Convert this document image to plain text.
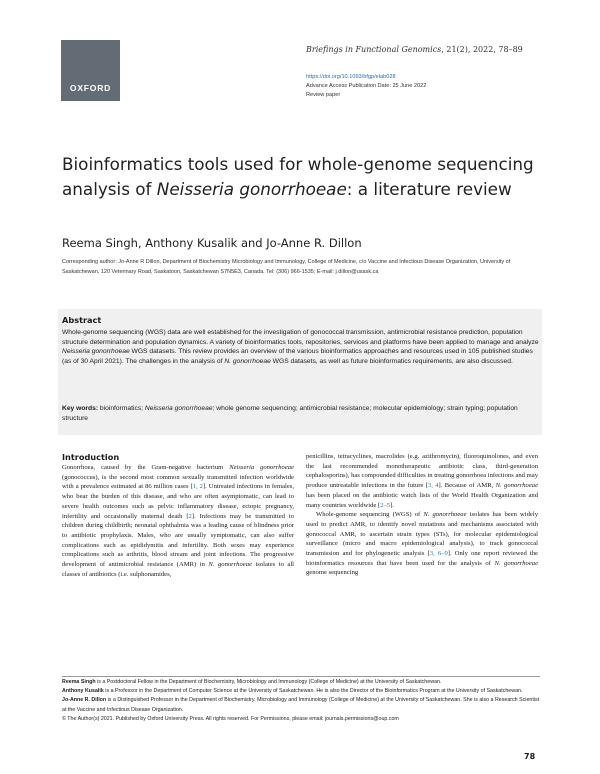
OXFORD
Briefings in Functional Genomics, 21(2), 2022, 78–89
https://doi.org/10.1093/bfgp/elab028
Advance Access Publication Date: 25 June 2022
Review paper
Bioinformatics tools used for whole-genome sequencing analysis of Neisseria gonorrhoeae: a literature review
Reema Singh, Anthony Kusalik and Jo-Anne R. Dillon
Corresponding author: Jo-Anne R Dillon, Department of Biochemistry Microbiology and Immunology, College of Medicine, c/o Vaccine and Infectious Disease Organization, University of Saskatchewan, 120 Veterinary Road, Saskatoon, Saskatchewan S7N5E3, Canada. Tel: (306) 966-1535; E-mail: j.dillon@usask.ca
Abstract
Whole-genome sequencing (WGS) data are well established for the investigation of gonococcal transmission, antimicrobial resistance prediction, population structure determination and population dynamics. A variety of bioinformatics tools, repositories, services and platforms have been applied to manage and analyze Neisseria gonorrhoeae WGS datasets. This review provides an overview of the various bioinformatics approaches and resources used in 105 published studies (as of 30 April 2021). The challenges in the analysis of N. gonorrhoeae WGS datasets, as well as future bioinformatics requirements, are also discussed.
Key words: bioinformatics; Neisseria gonorrhoeae; whole genome sequencing; antimicrobial resistance; molecular epidemiology; strain typing; population structure
Introduction

Gonorrhoea, caused by the Gram-negative bacterium Neisseria gonorrhoeae (gonococcus), is the second most common sexually transmitted infection worldwide with a prevalence estimated at 86 million cases [1, 2]. Untreated infections in females, who bear the burden of this disease, and who are often asymptomatic, can lead to severe health outcomes such as pelvic inflammatory disease, ectopic pregnancy, infertility and occasionally maternal death [2]. Infections may be transmitted to children during childbirth; neonatal ophthalmia was a leading cause of blindness prior to antibiotic prophylaxis. Males, who are usually symptomatic, can also suffer complications such as epididymitis and infertility. Both sexes may experience complications such as arthritis, blood stream and joint infections. The progressive development of antimicrobial resistance (AMR) in N. gonorrhoeae isolates to all classes of antibiotics (i.e. sulphonamides,

penicillins, tetracyclines, macrolides (e.g. azithromycin), fluoroquinolones, and even the last recommended monotherapeutic antibiotic class, third-generation cephalosporins), has compounded difficulties in treating gonorrhoea infections and may produce untreatable infections in the future [3, 4]. Because of AMR, N. gonorrhoeae has been placed on the antibiotic watch lists of the World Health Organization and many countries worldwide [2–5].

Whole-genome sequencing (WGS) of N. gonorrhoeae isolates has been widely used to predict AMR, to identify novel mutations and mechanisms associated with gonococcal AMR, to ascertain strain types (STs), for molecular epidemiological surveillance (micro and macro epidemiological analysis), to track gonococcal transmission and for phylogenetic analysis [3, 6–9]. Only one report reviewed the bioinformatics resources that have been used for the analysis of N. gonorrhoeae genome sequencing

Reema Singh is a Postdoctoral Fellow in the Department of Biochemistry, Microbiology and Immunology (College of Medicine) at the University of Saskatchewan.

Anthony Kusalik is a Professor in the Department of Computer Science at the University of Saskatchewan. He is also the Director of the Bioinformatics Program at the University of Saskatchewan.

Jo-Anne R. Dillon is a Distinguished Professor in the Department of Biochemistry, Microbiology and Immunology (College of Medicine) at the University of Saskatchewan. She is also a Research Scientist at the Vaccine and Infectious Disease Organization.

© The Author(s) 2021. Published by Oxford University Press. All rights reserved. For Permissions, please email: journals.permissions@oup.com

78
